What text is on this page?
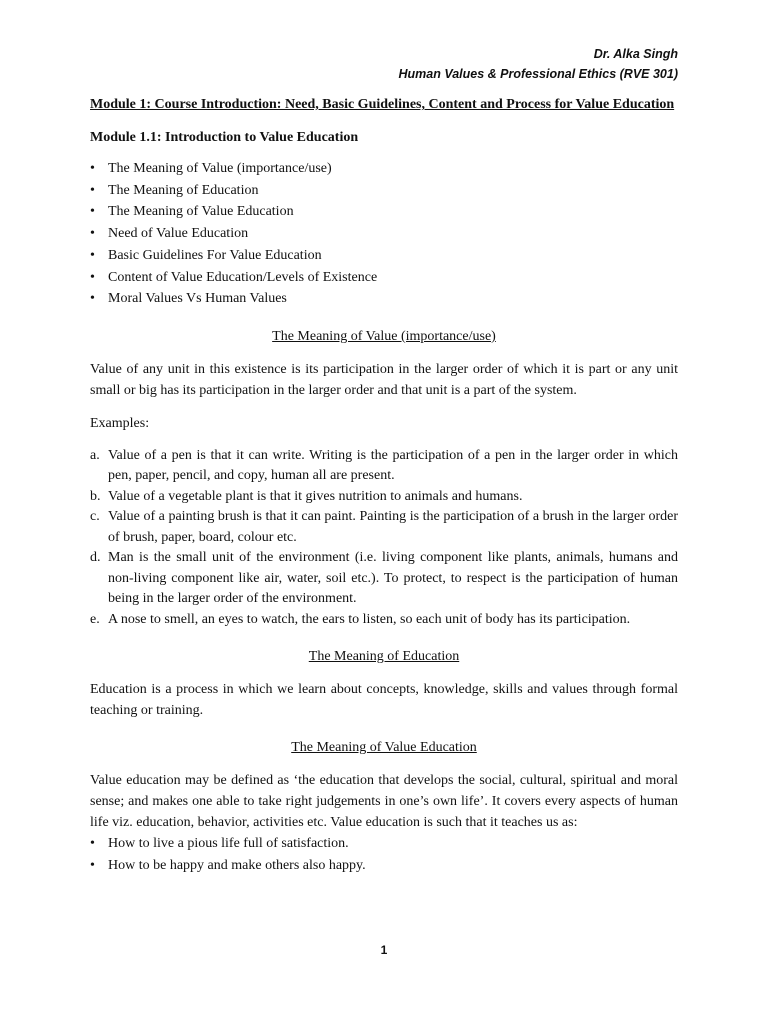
Dr. Alka Singh
Human Values & Professional Ethics (RVE 301)

Module 1: Course Introduction: Need, Basic Guidelines, Content and Process for Value Education

Module 1.1: Introduction to Value Education

• The Meaning of Value (importance/use)
• The Meaning of Education
• The Meaning of Value Education
• Need of Value Education
• Basic Guidelines For Value Education
• Content of Value Education/Levels of Existence
• Moral Values Vs Human Values

The Meaning of Value (importance/use)

Value of any unit in this existence is its participation in the larger order of which it is part or any unit small or big has its participation in the larger order and that unit is a part of the system.

Examples:

a. Value of a pen is that it can write. Writing is the participation of a pen in the larger order in which pen, paper, pencil, and copy, human all are present.
b. Value of a vegetable plant is that it gives nutrition to animals and humans.
c. Value of a painting brush is that it can paint. Painting is the participation of a brush in the larger order of brush, paper, board, colour etc.
d. Man is the small unit of the environment (i.e. living component like plants, animals, humans and non-living component like air, water, soil etc.). To protect, to respect is the participation of human being in the larger order of the environment.
e. A nose to smell, an eyes to watch, the ears to listen, so each unit of body has its participation.

The Meaning of Education

Education is a process in which we learn about concepts, knowledge, skills and values through formal teaching or training.

The Meaning of Value Education

Value education may be defined as ‘the education that develops the social, cultural, spiritual and moral sense; and makes one able to take right judgements in one’s own life’. It covers every aspects of human life viz. education, behavior, activities etc. Value education is such that it teaches us as:

• How to live a pious life full of satisfaction.
• How to be happy and make others also happy.
1
